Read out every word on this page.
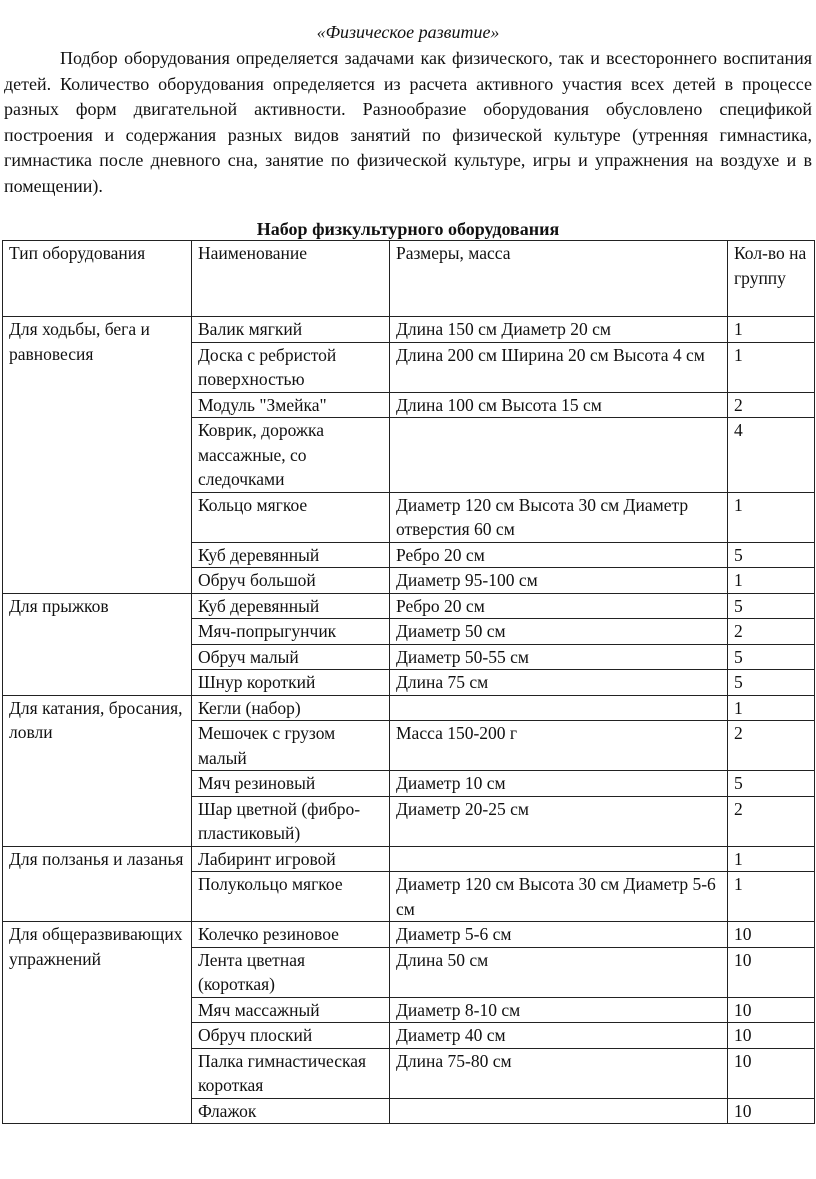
«Физическое развитие»
Подбор оборудования определяется задачами как физического, так и всестороннего воспитания детей. Количество оборудования определяется из расчета активного участия всех детей в процессе разных форм двигательной активности. Разнообразие оборудования обусловлено спецификой построения и содержания разных видов занятий по физической культуре (утренняя гимнастика, гимнастика после дневного сна, занятие по физической культуре, игры и упражнения на воздухе и в помещении).
Набор физкультурного оборудования
Тип оборудования	Наименование	Размеры, масса	Кол-во на группу
Для ходьбы, бега и равновесия	Валик мягкий	Длина 150 см Диаметр 20 см	1
	Доска с ребристой поверхностью	Длина 200 см Ширина 20 см Высота 4 см	1
	Модуль "Змейка"	Длина 100 см Высота 15 см	2
	Коврик, дорожка массажные, со следочками		4
	Кольцо мягкое	Диаметр 120 см Высота 30 см Диаметр отверстия 60 см	1
	Куб деревянный	Ребро 20 см	5
	Обруч большой	Диаметр 95-100 см	1
Для прыжков	Куб деревянный	Ребро 20 см	5
	Мяч-попрыгунчик	Диаметр 50 см	2
	Обруч малый	Диаметр 50-55 см	5
	Шнур короткий	Длина 75 см	5
Для катания, бросания, ловли	Кегли (набор)		1
	Мешочек с грузом малый	Масса 150-200 г	2
	Мяч резиновый	Диаметр 10 см	5
	Шар цветной (фибро-пластиковый)	Диаметр 20-25 см	2
Для ползанья и лазанья	Лабиринт игровой		1
	Полукольцо мягкое	Диаметр 120 см Высота 30 см Диаметр 5-6 см	1
Для общеразвивающих упражнений	Колечко резиновое	Диаметр 5-6 см	10
	Лента цветная (короткая)	Длина 50 см	10
	Мяч массажный	Диаметр 8-10 см	10
	Обруч плоский	Диаметр 40 см	10
	Палка гимнастическая короткая	Длина 75-80 см	10
	Флажок		10
